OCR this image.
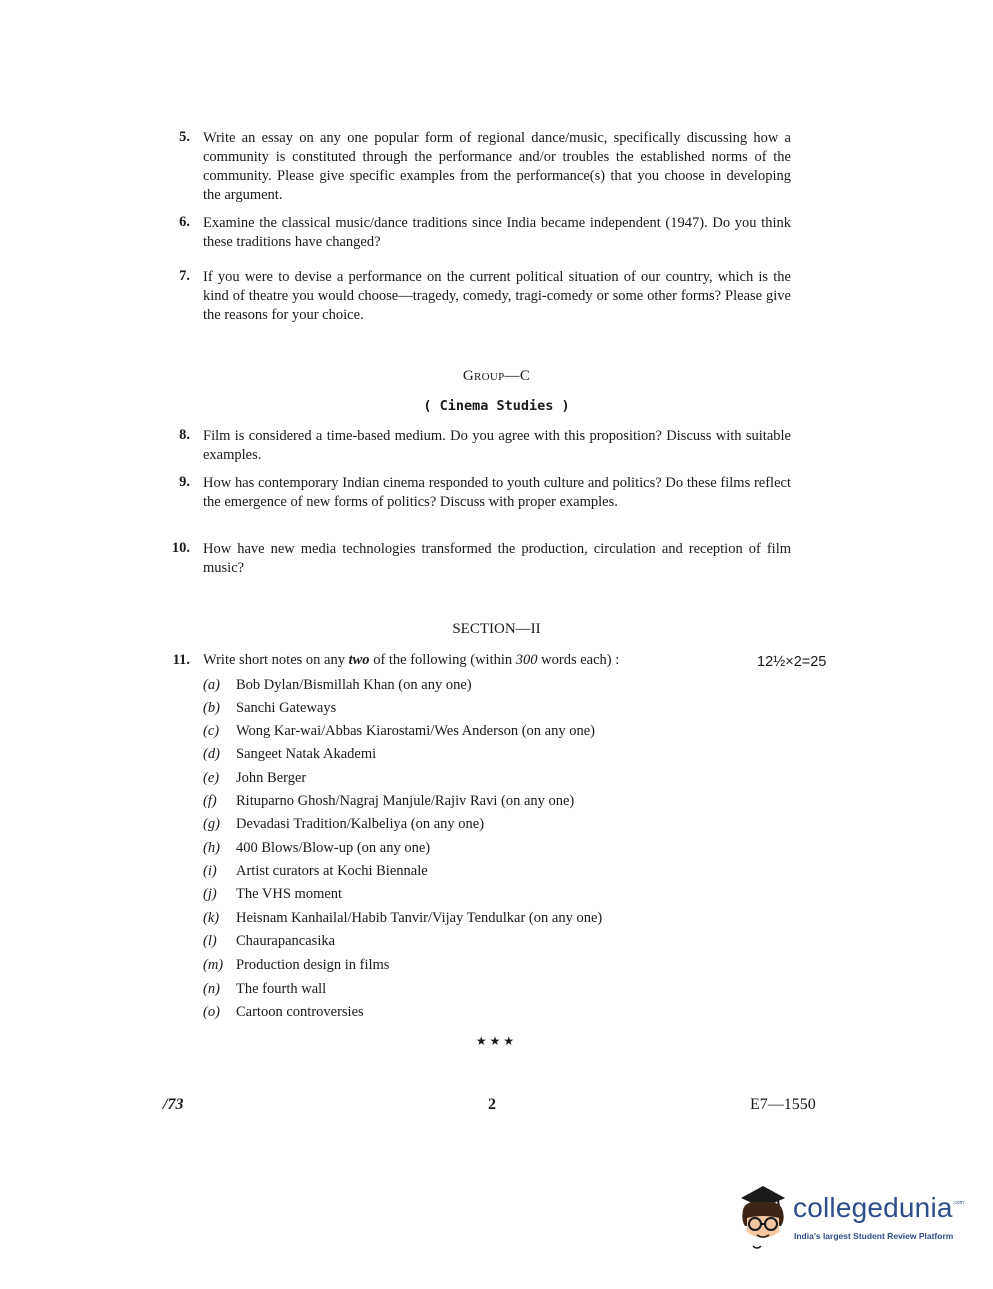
5. Write an essay on any one popular form of regional dance/music, specifically discussing how a community is constituted through the performance and/or troubles the established norms of the community. Please give specific examples from the performance(s) that you choose in developing the argument.
6. Examine the classical music/dance traditions since India became independent (1947). Do you think these traditions have changed?
7. If you were to devise a performance on the current political situation of our country, which is the kind of theatre you would choose—tragedy, comedy, tragi-comedy or some other forms? Please give the reasons for your choice.
Group—C
( Cinema Studies )
8. Film is considered a time-based medium. Do you agree with this proposition? Discuss with suitable examples.
9. How has contemporary Indian cinema responded to youth culture and politics? Do these films reflect the emergence of new forms of politics? Discuss with proper examples.
10. How have new media technologies transformed the production, circulation and reception of film music?
SECTION—II
11. Write short notes on any two of the following (within 300 words each) :	12½×2=25
(a)	Bob Dylan/Bismillah Khan (on any one)
(b)	Sanchi Gateways
(c)	Wong Kar-wai/Abbas Kiarostami/Wes Anderson (on any one)
(d)	Sangeet Natak Akademi
(e)	John Berger
(f)	Rituparno Ghosh/Nagraj Manjule/Rajiv Ravi (on any one)
(g)	Devadasi Tradition/Kalbeliya (on any one)
(h)	400 Blows/Blow-up (on any one)
(i)	Artist curators at Kochi Biennale
(j)	The VHS moment
(k)	Heisnam Kanhailal/Habib Tanvir/Vijay Tendulkar (on any one)
(l)	Chaurapancasika
(m) Production design in films
(n)	The fourth wall
(o)	Cartoon controversies
★★★
/73	2	E7—1550
collegedunia .com
India's largest Student Review Platform
